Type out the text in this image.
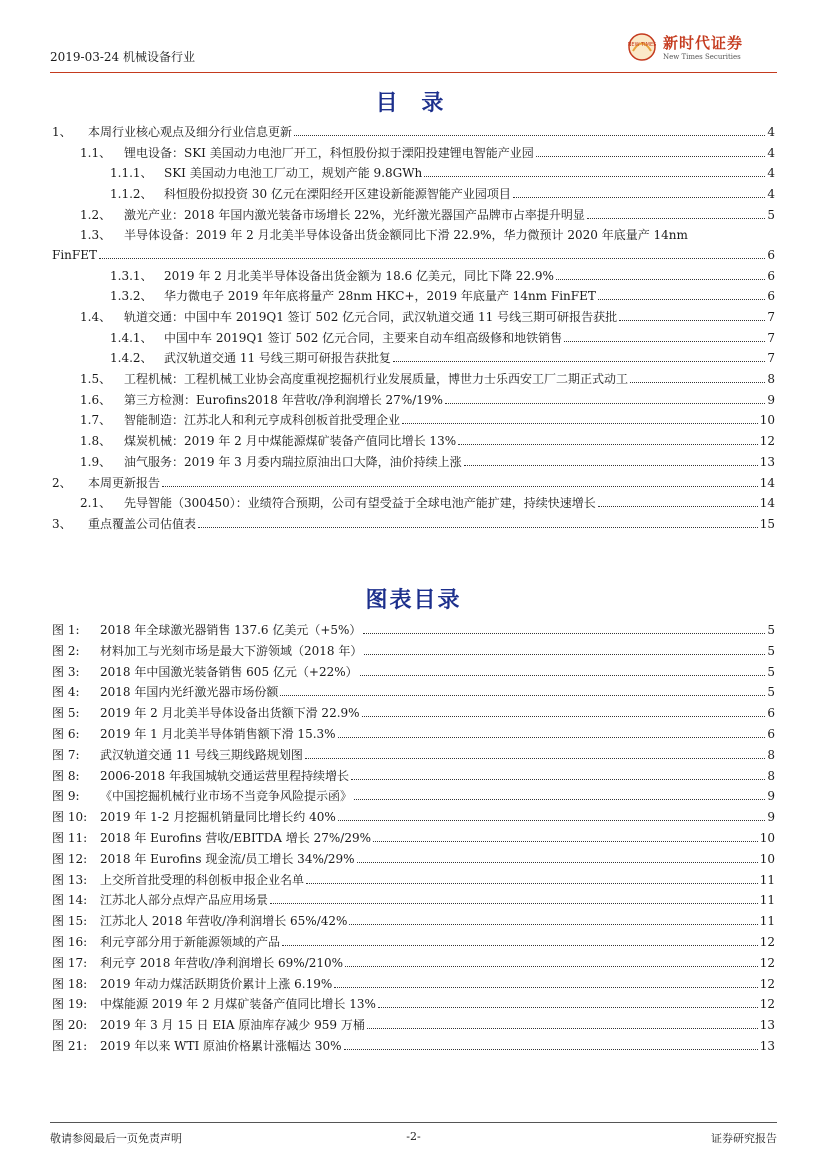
2019-03-24 机械设备行业
NEW TIMES 新时代证券
New Times Securities
目 录
1、	本周行业核心观点及细分行业信息更新	4
1.1、	锂电设备：SKI 美国动力电池厂开工，科恒股份拟于溧阳投建锂电智能产业园	4
1.1.1、 SKI 美国动力电池工厂动工，规划产能 9.8GWh	4
1.1.2、 科恒股份拟投资 30 亿元在溧阳经开区建设新能源智能产业园项目	4
1.2、	激光产业：2018 年国内激光装备市场增长 22%，光纤激光器国产品牌市占率提升明显	5
1.3、	半导体设备：2019 年 2 月北美半导体设备出货金额同比下滑 22.9%，华力微预计 2020 年底量产 14nm
FinFET	6
1.3.1、 2019 年 2 月北美半导体设备出货金额为 18.6 亿美元，同比下降 22.9%	6
1.3.2、 华力微电子 2019 年年底将量产 28nm HKC+，2019 年底量产 14nm FinFET	6
1.4、	轨道交通：中国中车 2019Q1 签订 502 亿元合同，武汉轨道交通 11 号线三期可研报告获批	7
1.4.1、 中国中车 2019Q1 签订 502 亿元合同，主要来自动车组高级修和地铁销售	7
1.4.2、 武汉轨道交通 11 号线三期可研报告获批复	7
1.5、	工程机械：工程机械工业协会高度重视挖掘机行业发展质量，博世力士乐西安工厂二期正式动工	8
1.6、	第三方检测：Eurofins2018 年营收/净利润增长 27%/19%	9
1.7、	智能制造：江苏北人和利元亨成科创板首批受理企业	10
1.8、	煤炭机械：2019 年 2 月中煤能源煤矿装备产值同比增长 13%	12
1.9、	油气服务：2019 年 3 月委内瑞拉原油出口大降，油价持续上涨	13
2、	本周更新报告	14
2.1、	先导智能（300450）：业绩符合预期，公司有望受益于全球电池产能扩建，持续快速增长	14
3、	重点覆盖公司估值表	15
图表目录
图 1:	2018 年全球激光器销售 137.6 亿美元（+5%）	5
图 2:	材料加工与光刻市场是最大下游领域（2018 年）	5
图 3:	2018 年中国激光装备销售 605 亿元（+22%）	5
图 4:	2018 年国内光纤激光器市场份额	5
图 5:	2019 年 2 月北美半导体设备出货额下滑 22.9%	6
图 6:	2019 年 1 月北美半导体销售额下滑 15.3%	6
图 7:	武汉轨道交通 11 号线三期线路规划图	8
图 8:	2006-2018 年我国城轨交通运营里程持续增长	8
图 9:	《中国挖掘机械行业市场不当竞争风险提示函》	9
图 10:	2019 年 1-2 月挖掘机销量同比增长约 40%	9
图 11:	2018 年 Eurofins 营收/EBITDA 增长 27%/29%	10
图 12:	2018 年 Eurofins 现金流/员工增长 34%/29%	10
图 13:	上交所首批受理的科创板申报企业名单	11
图 14:	江苏北人部分点焊产品应用场景	11
图 15:	江苏北人 2018 年营收/净利润增长 65%/42%	11
图 16:	利元亨部分用于新能源领域的产品	12
图 17:	利元亨 2018 年营收/净利润增长 69%/210%	12
图 18:	2019 年动力煤活跃期货价累计上涨 6.19%	12
图 19:	中煤能源 2019 年 2 月煤矿装备产值同比增长 13%	12
图 20:	2019 年 3 月 15 日 EIA 原油库存减少 959 万桶	13
图 21:	2019 年以来 WTI 原油价格累计涨幅达 30%	13
敬请参阅最后一页免责声明	-2-	证券研究报告
